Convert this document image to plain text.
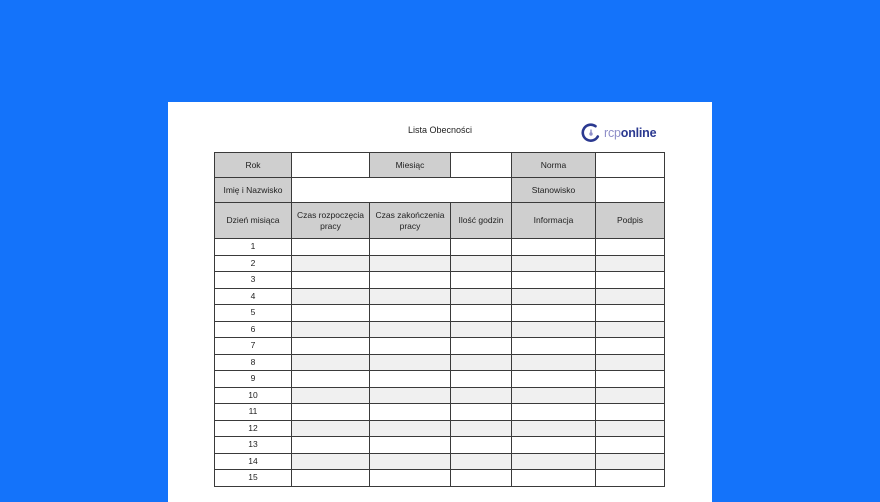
Lista Obecności	rcponline
Rok		Miesiąc		Norma	
Imię i Nazwisko				Stanowisko	
Dzień misiąca	Czas rozpoczęcia pracy	Czas zakończenia pracy	Ilość godzin	Informacja	Podpis
1					
2					
3					
4					
5					
6					
7					
8					
9					
10					
11					
12					
13					
14					
15					
